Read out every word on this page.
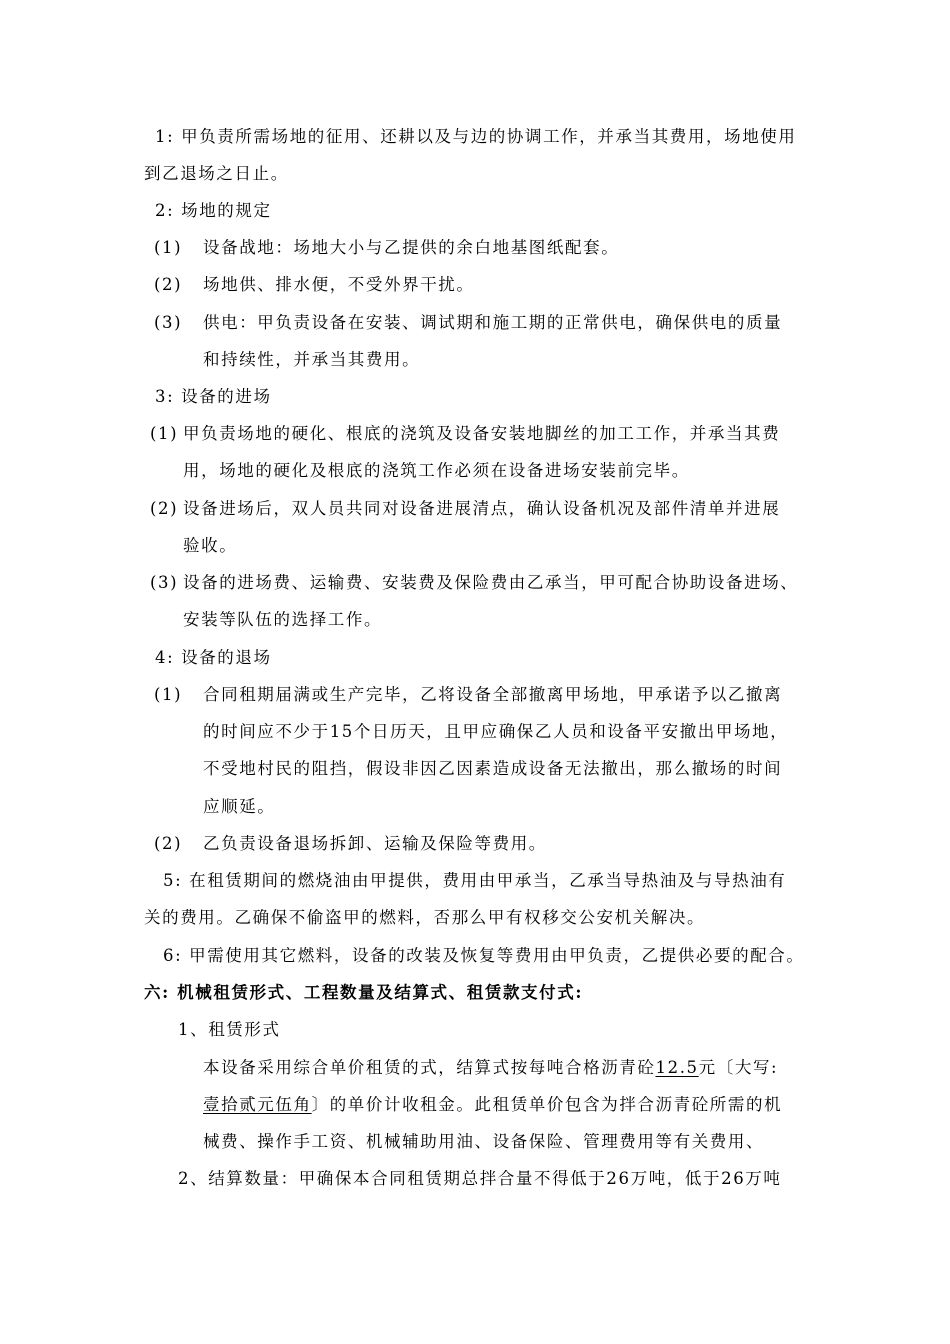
1: 甲负责所需场地的征用、还耕以及与边的协调工作，并承当其费用，场地使用
到乙退场之日止。
2: 场地的规定
(1) 设备战地：场地大小与乙提供的余白地基图纸配套。
(2) 场地供、排水便，不受外界干扰。
(3) 供电：甲负责设备在安装、调试期和施工期的正常供电，确保供电的质量
和持续性，并承当其费用。
3: 设备的进场
(1) 甲负责场地的硬化、根底的浇筑及设备安装地脚丝的加工工作，并承当其费
用，场地的硬化及根底的浇筑工作必须在设备进场安装前完毕。
(2) 设备进场后，双人员共同对设备进展清点，确认设备机况及部件清单并进展
验收。
(3) 设备的进场费、运输费、安装费及保险费由乙承当，甲可配合协助设备进场、
安装等队伍的选择工作。
4: 设备的退场
(1) 合同租期届满或生产完毕，乙将设备全部撤离甲场地，甲承诺予以乙撤离
的时间应不少于15个日历天，且甲应确保乙人员和设备平安撤出甲场地，
不受地村民的阻挡，假设非因乙因素造成设备无法撤出，那么撤场的时间
应顺延。
(2) 乙负责设备退场拆卸、运输及保险等费用。
5: 在租赁期间的燃烧油由甲提供，费用由甲承当，乙承当导热油及与导热油有
关的费用。乙确保不偷盗甲的燃料，否那么甲有权移交公安机关解决。
6: 甲需使用其它燃料，设备的改装及恢复等费用由甲负责，乙提供必要的配合。
六: 机械租赁形式、工程数量及结算式、租赁款支付式:
1、租赁形式
本设备采用综合单价租赁的式，结算式按每吨合格沥青砼12.5元〔大写:
壹拾贰元伍角〕的单价计收租金。此租赁单价包含为拌合沥青砼所需的机
械费、操作手工资、机械辅助用油、设备保险、管理费用等有关费用、
2、结算数量：甲确保本合同租赁期总拌合量不得低于26万吨，低于26万吨
